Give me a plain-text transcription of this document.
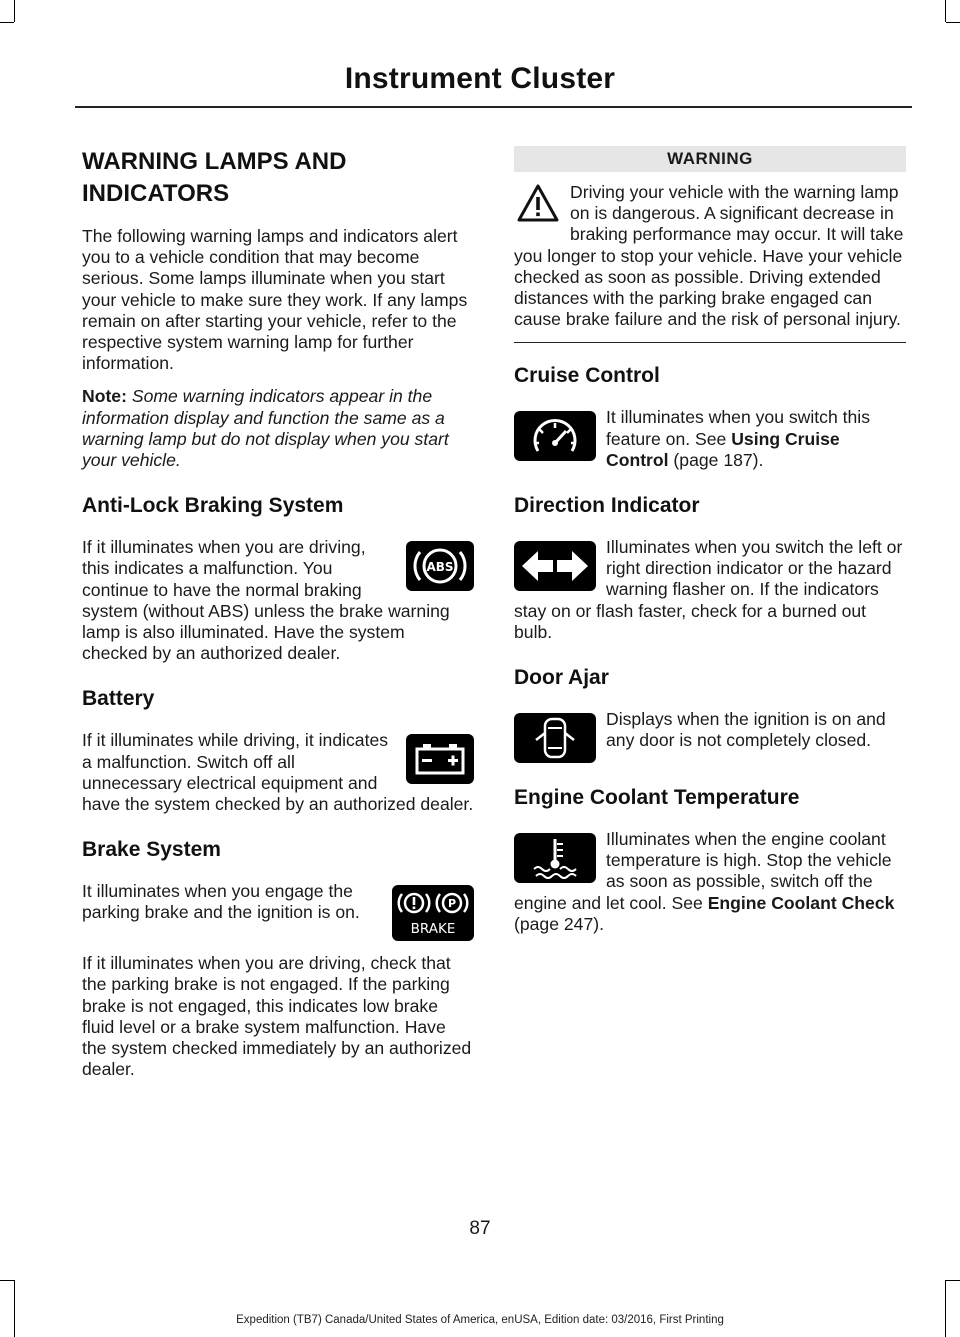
Instrument Cluster
WARNING LAMPS AND INDICATORS

The following warning lamps and indicators alert you to a vehicle condition that may become serious. Some lamps illuminate when you start your vehicle to make sure they work. If any lamps remain on after starting your vehicle, refer to the respective system warning lamp for further information.

Note: Some warning indicators appear in the information display and function the same as a warning lamp but do not display when you start your vehicle.

Anti-Lock Braking System
ABS

If it illuminates when you are driving, this indicates a malfunction. You continue to have the normal braking system (without ABS) unless the brake warning lamp is also illuminated. Have the system checked by an authorized dealer.

Battery

If it illuminates while driving, it indicates a malfunction. Switch off all unnecessary electrical equipment and have the system checked by an authorized dealer.

Brake System
P
BRAKE

It illuminates when you engage the parking brake and the ignition is on.

If it illuminates when you are driving, check that the parking brake is not engaged. If the parking brake is not engaged, this indicates low brake fluid level or a brake system malfunction. Have the system checked immediately by an authorized dealer.

WARNING

Driving your vehicle with the warning lamp on is dangerous. A significant decrease in braking performance may occur. It will take you longer to stop your vehicle. Have your vehicle checked as soon as possible. Driving extended distances with the parking brake engaged can cause brake failure and the risk of personal injury.

Cruise Control

It illuminates when you switch this feature on. See Using Cruise Control (page 187).

Direction Indicator

Illuminates when you switch the left or right direction indicator or the hazard warning flasher on. If the indicators stay on or flash faster, check for a burned out bulb.

Door Ajar

Displays when the ignition is on and any door is not completely closed.

Engine Coolant Temperature

Illuminates when the engine coolant temperature is high. Stop the vehicle as soon as possible, switch off the engine and let cool. See Engine Coolant Check (page 247).

87
Expedition (TB7) Canada/United States of America, enUSA, Edition date: 03/2016, First Printing
